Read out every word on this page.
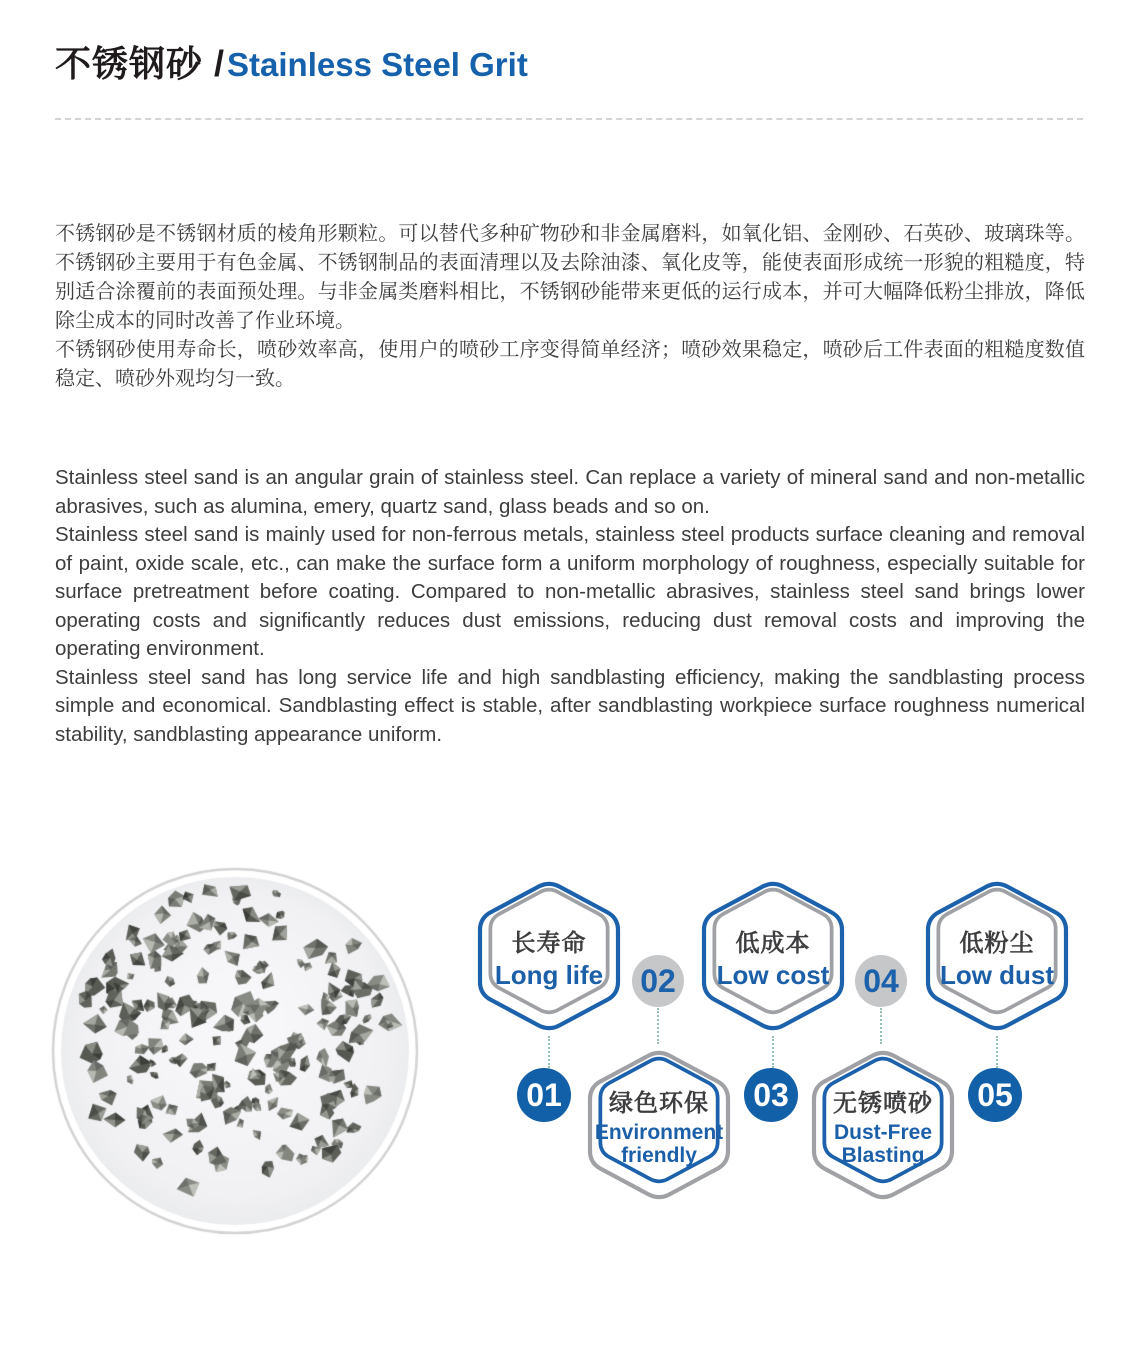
不锈钢砂 /Stainless Steel Grit

不锈钢砂是不锈钢材质的棱角形颗粒。可以替代多种矿物砂和非金属磨料，如氧化铝、金刚砂、石英砂、玻璃珠等。不锈钢砂主要用于有色金属、不锈钢制品的表面清理以及去除油漆、氧化皮等，能使表面形成统一形貌的粗糙度，特别适合涂覆前的表面预处理。与非金属类磨料相比，不锈钢砂能带来更低的运行成本，并可大幅降低粉尘排放，降低除尘成本的同时改善了作业环境。

不锈钢砂使用寿命长，喷砂效率高，使用户的喷砂工序变得简单经济；喷砂效果稳定，喷砂后工件表面的粗糙度数值稳定、喷砂外观均匀一致。

Stainless steel sand is an angular grain of stainless steel. Can replace a variety of mineral sand and non-metallic abrasives, such as alumina, emery, quartz sand, glass beads and so on.

Stainless steel sand is mainly used for non-ferrous metals, stainless steel products surface cleaning and removal of paint, oxide scale, etc., can make the surface form a uniform morphology of roughness, especially suitable for surface pretreatment before coating. Compared to non-metallic abrasives, stainless steel sand brings lower operating costs and significantly reduces dust emissions, reducing dust removal costs and improving the operating environment.

Stainless steel sand has long service life and high sandblasting efficiency, making the sandblasting process simple and economical. Sandblasting effect is stable, after sandblasting workpiece surface roughness numerical stability, sandblasting appearance uniform.

长寿命
Long life
低成本
Low cost
低粉尘
Low dust
绿色环保
Environment friendly
无锈喷砂
Dust-Free Blasting
01
02
03
04
05
